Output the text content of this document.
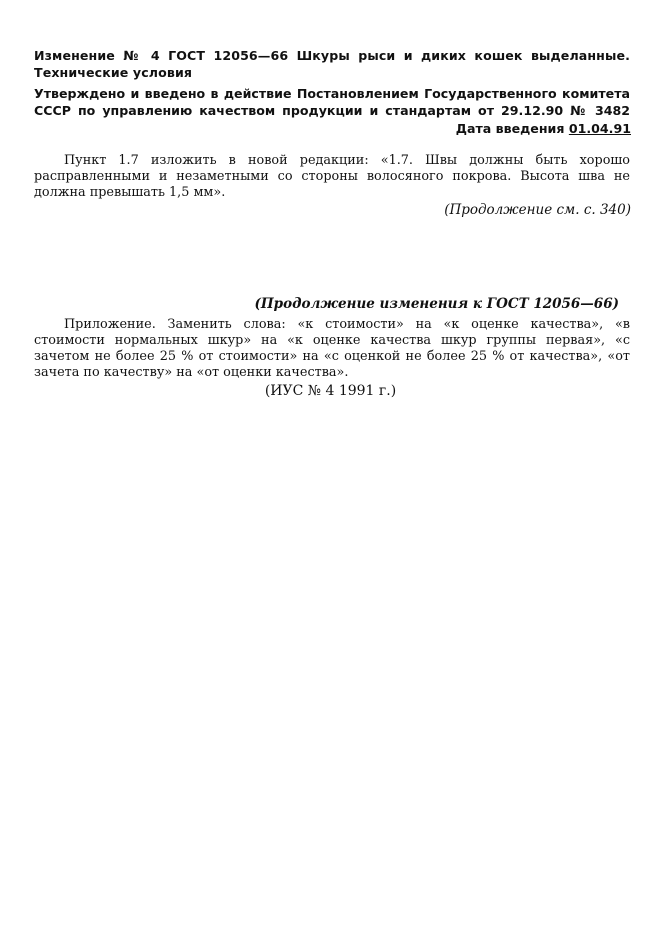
Изменение № 4 ГОСТ 12056—66 Шкуры рыси и диких кошек выделанные. Технические условия
Утверждено и введено в действие Постановлением Государственного комитета
СССР по управлению качеством продукции и стандартам от 29.12.90 № 3482
Дата введения 01.04.91
Пункт 1.7 изложить в новой редакции: «1.7. Швы должны быть хорошо расправленными и незаметными со стороны волосяного покрова. Высота шва не должна превышать 1,5 мм».
(Продолжение см. с. 340)
(Продолжение изменения к ГОСТ 12056—66)
Приложение. Заменить слова: «к стоимости» на «к оценке качества», «в стоимости нормальных шкур» на «к оценке качества шкур группы первая», «с зачетом не более 25 % от стоимости» на «с оценкой не более 25 % от качества», «от зачета по качеству» на «от оценки качества».
(ИУС № 4 1991 г.)
